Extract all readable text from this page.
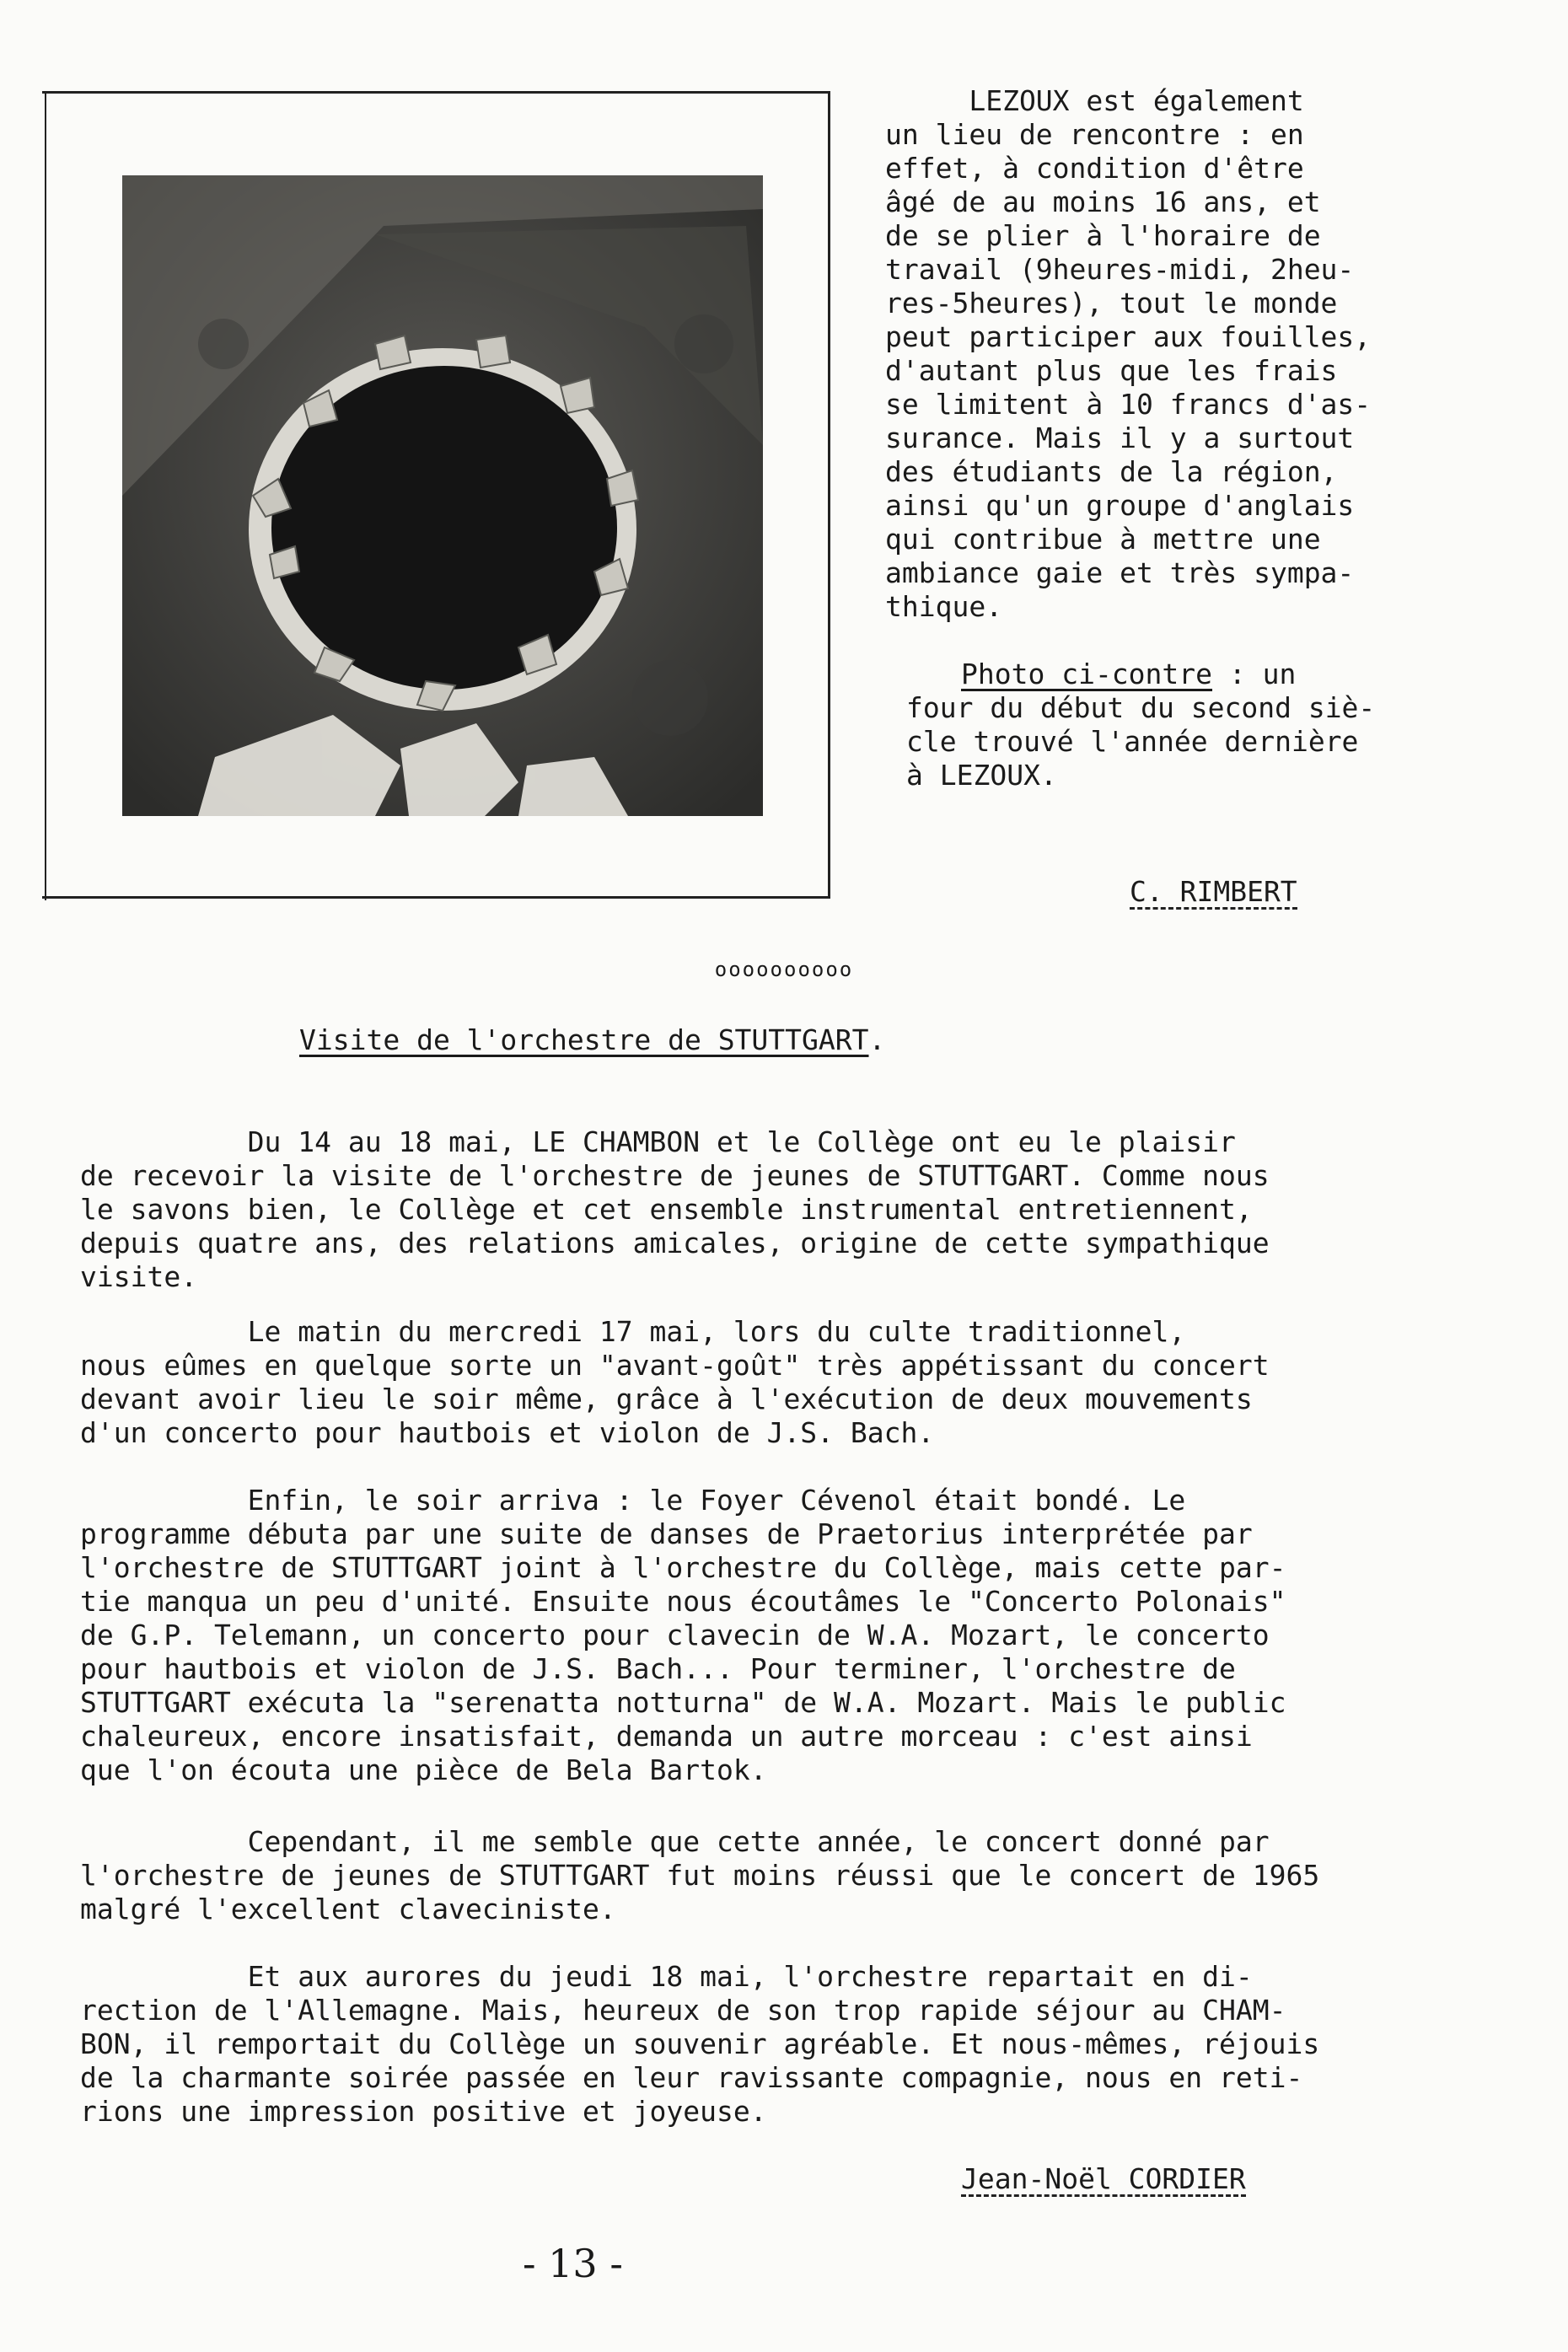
LEZOUX est également
un lieu de rencontre : en
effet, à condition d'être
âgé de au moins 16 ans, et
de se plier à l'horaire de
travail (9heures-midi, 2heu-
res-5heures), tout le monde
peut participer aux fouilles,
d'autant plus que les frais
se limitent à 10 francs d'as-
surance. Mais il y a surtout
des étudiants de la région,
ainsi qu'un groupe d'anglais
qui contribue à mettre une
ambiance gaie et très sympa-
thique.
Photo ci-contre : un
four du début du second siè-
cle trouvé l'année dernière
à LEZOUX.
C. RIMBERT
oooooooooo
Visite de l'orchestre de STUTTGART.
Du 14 au 18 mai, LE CHAMBON et le Collège ont eu le plaisir
de recevoir la visite de l'orchestre de jeunes de STUTTGART. Comme nous
le savons bien, le Collège et cet ensemble instrumental entretiennent,
depuis quatre ans, des relations amicales, origine de cette sympathique
visite.
Le matin du mercredi 17 mai, lors du culte traditionnel,
nous eûmes en quelque sorte un "avant-goût" très appétissant du concert
devant avoir lieu le soir même, grâce à l'exécution de deux mouvements
d'un concerto pour hautbois et violon de J.S. Bach.
Enfin, le soir arriva : le Foyer Cévenol était bondé. Le
programme débuta par une suite de danses de Praetorius interprétée par
l'orchestre de STUTTGART joint à l'orchestre du Collège, mais cette par-
tie manqua un peu d'unité. Ensuite nous écoutâmes le "Concerto Polonais"
de G.P. Telemann, un concerto pour clavecin de W.A. Mozart, le concerto
pour hautbois et violon de J.S. Bach... Pour terminer, l'orchestre de
STUTTGART exécuta la "serenatta notturna" de W.A. Mozart. Mais le public
chaleureux, encore insatisfait, demanda un autre morceau : c'est ainsi
que l'on écouta une pièce de Bela Bartok.
Cependant, il me semble que cette année, le concert donné par
l'orchestre de jeunes de STUTTGART fut moins réussi que le concert de 1965
malgré l'excellent claveciniste.
Et aux aurores du jeudi 18 mai, l'orchestre repartait en di-
rection de l'Allemagne. Mais, heureux de son trop rapide séjour au CHAM-
BON, il remportait du Collège un souvenir agréable. Et nous-mêmes, réjouis
de la charmante soirée passée en leur ravissante compagnie, nous en reti-
rions une impression positive et joyeuse.
Jean-Noël CORDIER
- 13 -
